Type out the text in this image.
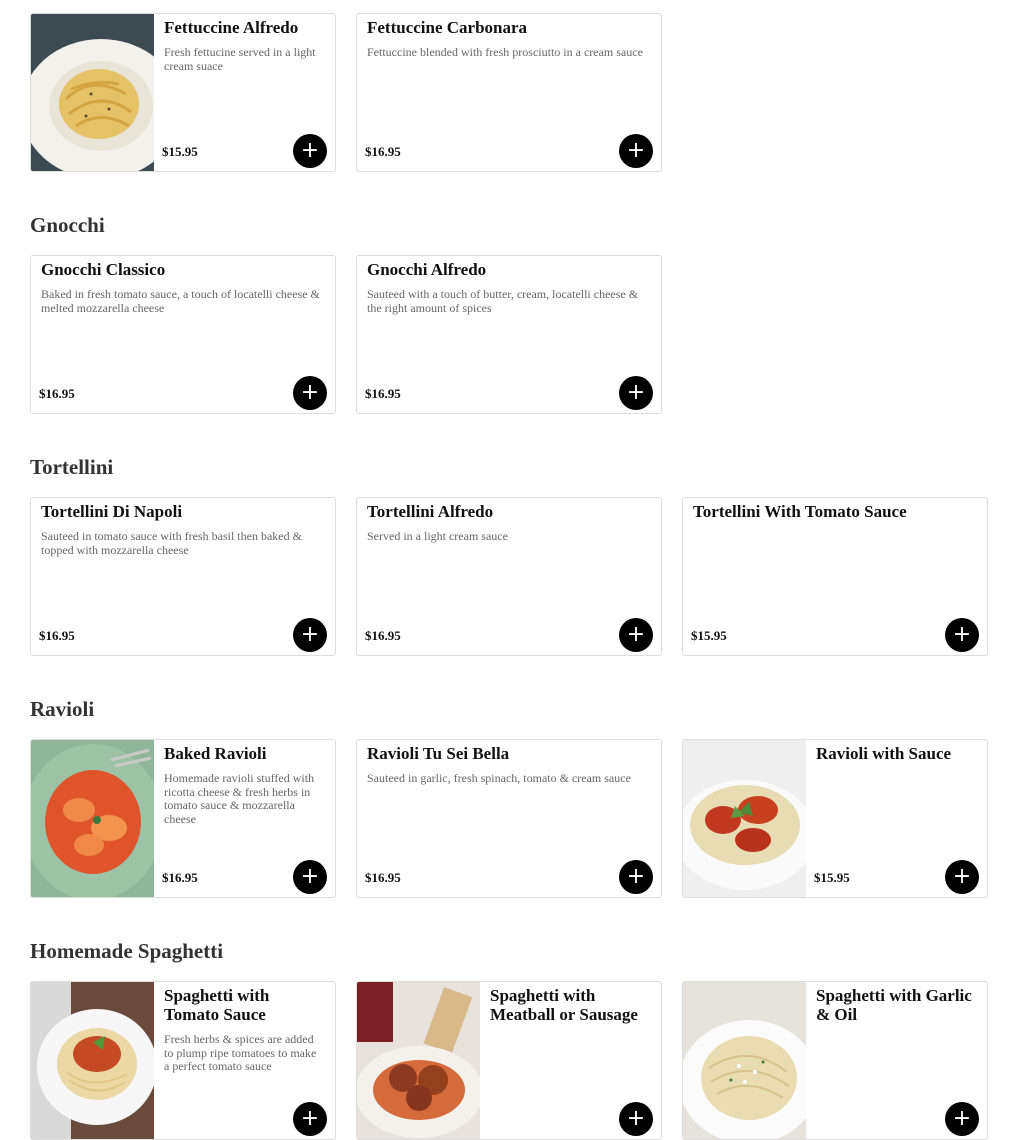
Fettuccine Alfredo
Fresh fettucine served in a light cream suace
$15.95	+
Fettuccine Carbonara
Fettuccine blended with fresh prosciutto in a cream sauce
$16.95	+
Gnocchi
Gnocchi Classico
Baked in fresh tomato sauce, a touch of locatelli cheese & melted mozzarella cheese
$16.95	+
Gnocchi Alfredo
Sauteed with a touch of butter, cream, locatelli cheese & the right amount of spices
$16.95	+
Tortellini
Tortellini Di Napoli
Sauteed in tomato sauce with fresh basil then baked & topped with mozzarella cheese
$16.95	+
Tortellini Alfredo
Served in a light cream sauce
$16.95	+
Tortellini With Tomato Sauce
$15.95	+
Ravioli
Baked Ravioli
Homemade ravioli stuffed with ricotta cheese & fresh herbs in tomato sauce & mozzarella cheese
$16.95	+
Ravioli Tu Sei Bella
Sauteed in garlic, fresh spinach, tomato & cream sauce
$16.95	+
Ravioli with Sauce
$15.95	+
Homemade Spaghetti
Spaghetti with Tomato Sauce
Fresh herbs & spices are added to plump ripe tomatoes to make a perfect tomato sauce
+
Spaghetti with Meatball or Sausage
+
Spaghetti with Garlic & Oil
+
